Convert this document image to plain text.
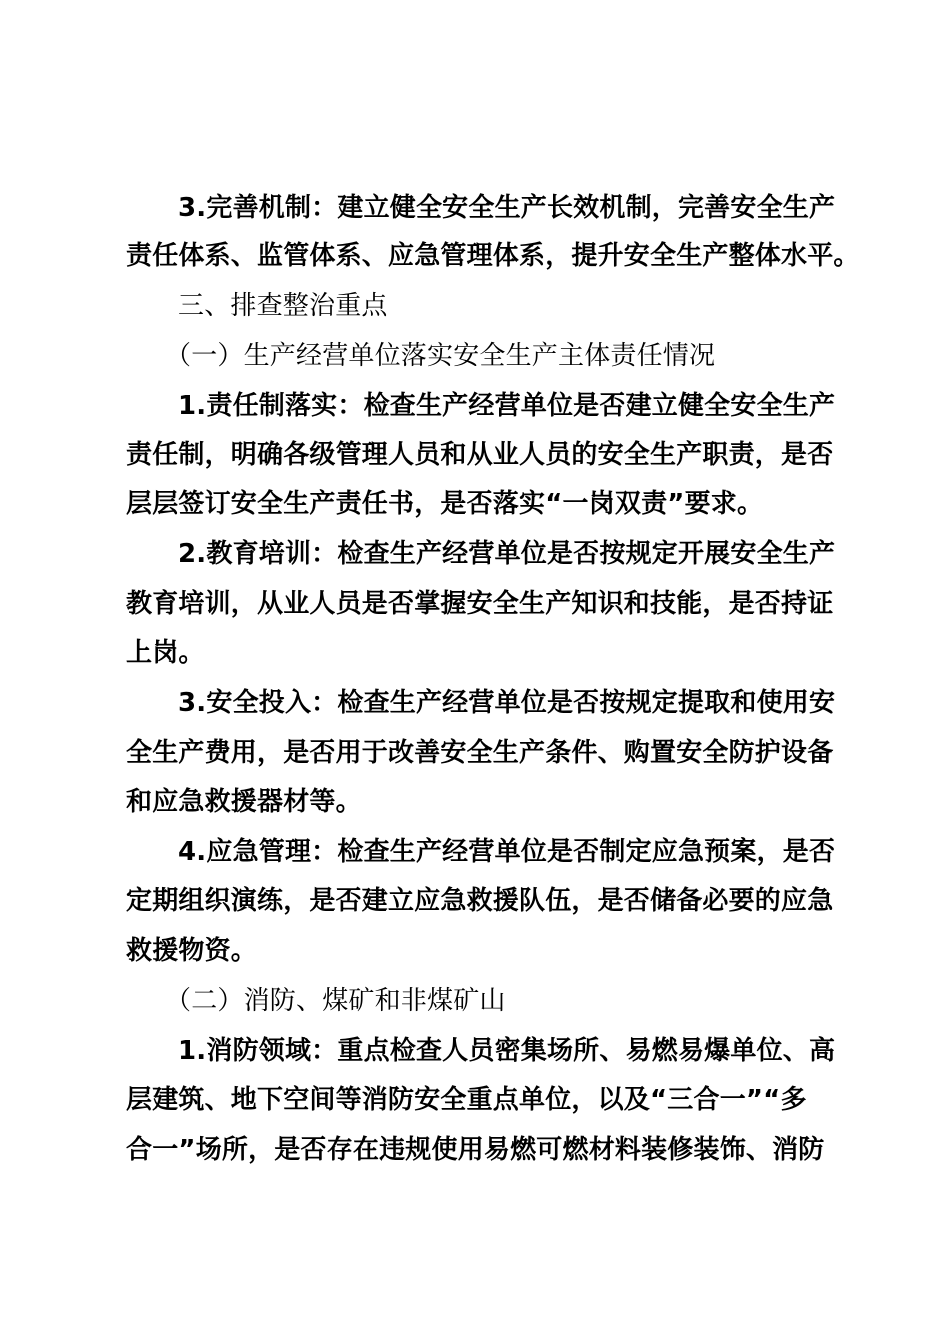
3.完善机制：建立健全安全生产长效机制，完善安全生产
责任体系、监管体系、应急管理体系，提升安全生产整体水平。
三、排查整治重点
（一）生产经营单位落实安全生产主体责任情况
1.责任制落实：检查生产经营单位是否建立健全安全生产
责任制，明确各级管理人员和从业人员的安全生产职责，是否
层层签订安全生产责任书，是否落实“一岗双责”要求。
2.教育培训：检查生产经营单位是否按规定开展安全生产
教育培训，从业人员是否掌握安全生产知识和技能，是否持证
上岗。
3.安全投入：检查生产经营单位是否按规定提取和使用安
全生产费用，是否用于改善安全生产条件、购置安全防护设备
和应急救援器材等。
4.应急管理：检查生产经营单位是否制定应急预案，是否
定期组织演练，是否建立应急救援队伍，是否储备必要的应急
救援物资。
（二）消防、煤矿和非煤矿山
1.消防领域：重点检查人员密集场所、易燃易爆单位、高
层建筑、地下空间等消防安全重点单位，以及“三合一”“多
合一”场所，是否存在违规使用易燃可燃材料装修装饰、消防
